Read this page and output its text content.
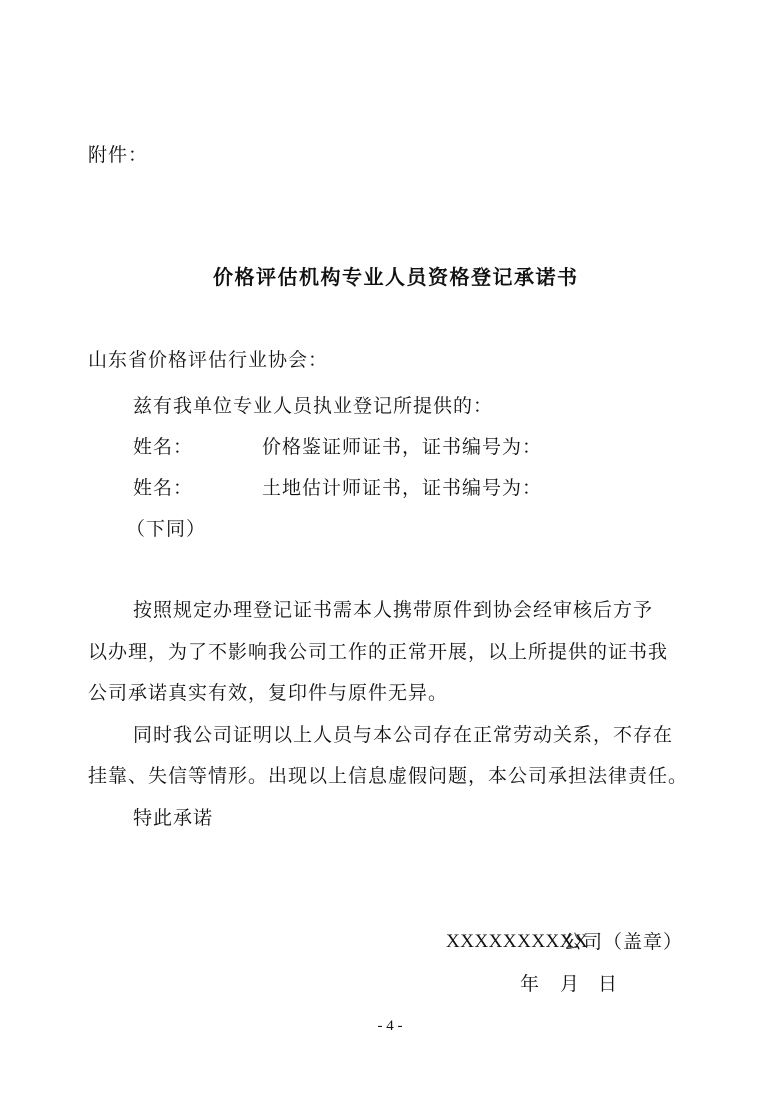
附件：
价格评估机构专业人员资格登记承诺书
山东省价格评估行业协会：
兹有我单位专业人员执业登记所提供的：
姓名：	价格鉴证师证书，证书编号为：
姓名：	土地估计师证书，证书编号为：
（下同）
按照规定办理登记证书需本人携带原件到协会经审核后方予
以办理，为了不影响我公司工作的正常开展，以上所提供的证书我
公司承诺真实有效，复印件与原件无异。
同时我公司证明以上人员与本公司存在正常劳动关系，不存在
挂靠、失信等情形。出现以上信息虚假问题，本公司承担法律责任。
特此承诺
XXXXXXXXXX
公司（盖章）
年 月 日
- 4 -
